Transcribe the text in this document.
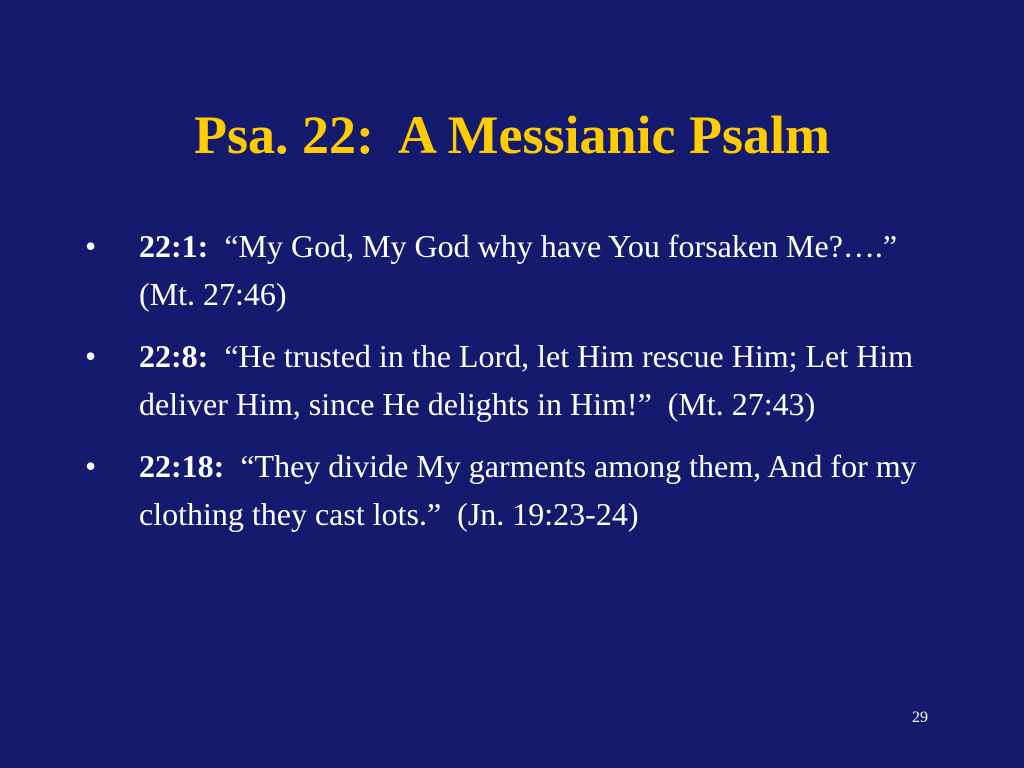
Psa. 22:  A Messianic Psalm
•	22:1:  “My God, My God why have You forsaken Me?….”  (Mt. 27:46)
•	22:8:  “He trusted in the Lord, let Him rescue Him; Let Him deliver Him, since He delights in Him!”  (Mt. 27:43)
•	22:18:  “They divide My garments among them, And for my clothing they cast lots.”  (Jn. 19:23-24)
29
